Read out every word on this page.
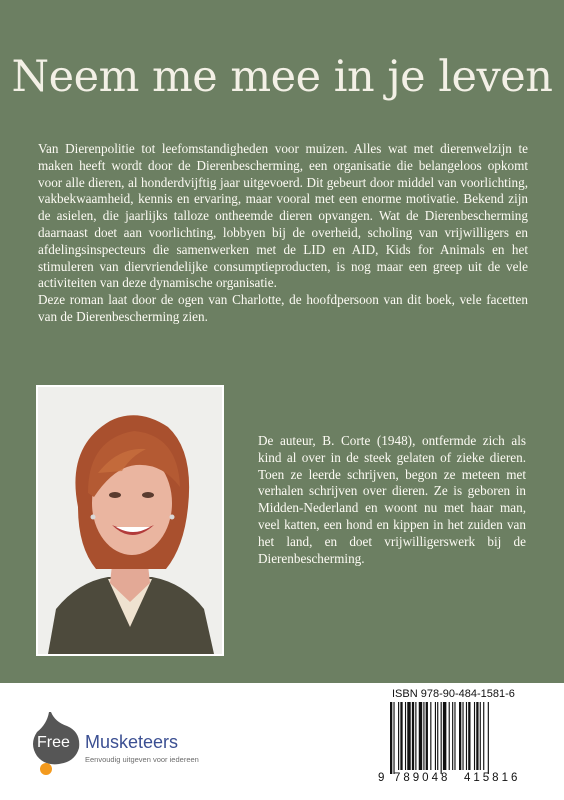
Neem me mee in je leven

Van Dierenpolitie tot leefomstandigheden voor muizen. Alles wat met dierenwelzijn te maken heeft wordt door de Dierenbescherming, een organisatie die belangeloos opkomt voor alle dieren, al honderdvijftig jaar uitgevoerd. Dit gebeurt door middel van voorlichting, vakbekwaamheid, kennis en ervaring, maar vooral met een enorme motivatie. Bekend zijn de asielen, die jaarlijks talloze ontheemde dieren opvangen. Wat de Dierenbescherming daarnaast doet aan voorlichting, lobbyen bij de overheid, scholing van vrijwilligers en afdelingsinspecteurs die samenwerken met de LID en AID, Kids for Animals en het stimuleren van diervriendelijke consumptieproducten, is nog maar een greep uit de vele activiteiten van deze dynamische organisatie.

Deze roman laat door de ogen van Charlotte, de hoofdpersoon van dit boek, vele facetten van de Dierenbescherming zien.

De auteur, B. Corte (1948), ontfermde zich als kind al over in de steek gelaten of zieke dieren. Toen ze leerde schrijven, begon ze meteen met verhalen schrijven over dieren. Ze is geboren in Midden-Nederland en woont nu met haar man, veel katten, een hond en kippen in het zuiden van het land, en doet vrijwilligerswerk bij de Dierenbescherming.
Free Musketeers
Eenvoudig uitgeven voor iedereen
ISBN 978-90-484-1581-6
9 789048 415816
